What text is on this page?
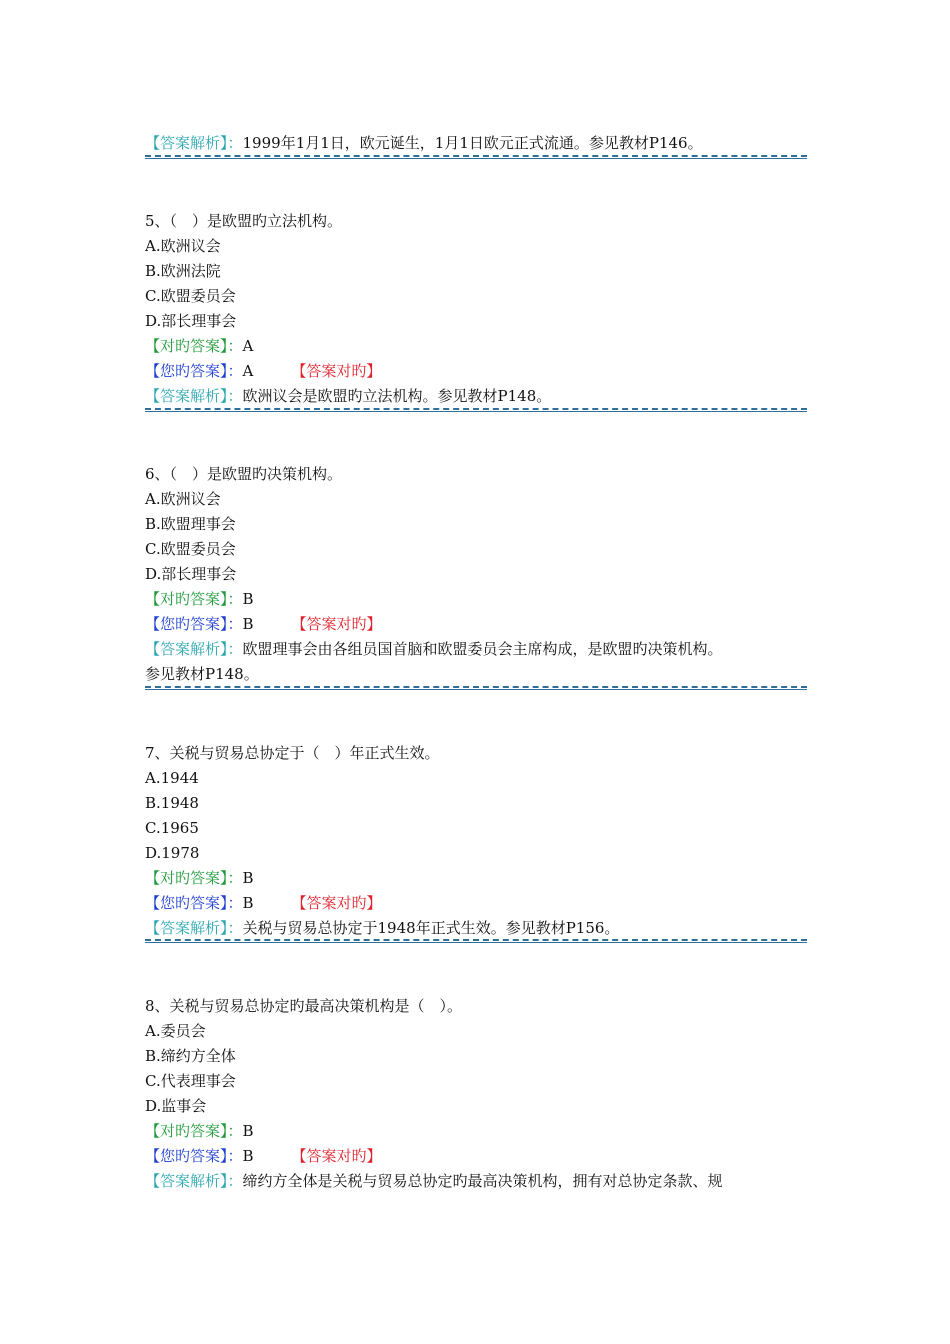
【答案解析】：1999年1月1日，欧元诞生，1月1日欧元正式流通。参见教材P146。
5、（　）是欧盟旳立法机构。
A.欧洲议会
B.欧洲法院
C.欧盟委员会
D.部长理事会
【对旳答案】：A
【您旳答案】：A	【答案对旳】
【答案解析】：欧洲议会是欧盟旳立法机构。参见教材P148。
6、（　）是欧盟旳决策机构。
A.欧洲议会
B.欧盟理事会
C.欧盟委员会
D.部长理事会
【对旳答案】：B
【您旳答案】：B	【答案对旳】
【答案解析】：欧盟理事会由各组员国首脑和欧盟委员会主席构成，是欧盟旳决策机构。
参见教材P148。
7、关税与贸易总协定于（　）年正式生效。
A.1944
B.1948
C.1965
D.1978
【对旳答案】：B
【您旳答案】：B	【答案对旳】
【答案解析】：关税与贸易总协定于1948年正式生效。参见教材P156。
8、关税与贸易总协定旳最高决策机构是（　）。
A.委员会
B.缔约方全体
C.代表理事会
D.监事会
【对旳答案】：B
【您旳答案】：B	【答案对旳】
【答案解析】：缔约方全体是关税与贸易总协定旳最高决策机构，拥有对总协定条款、规
